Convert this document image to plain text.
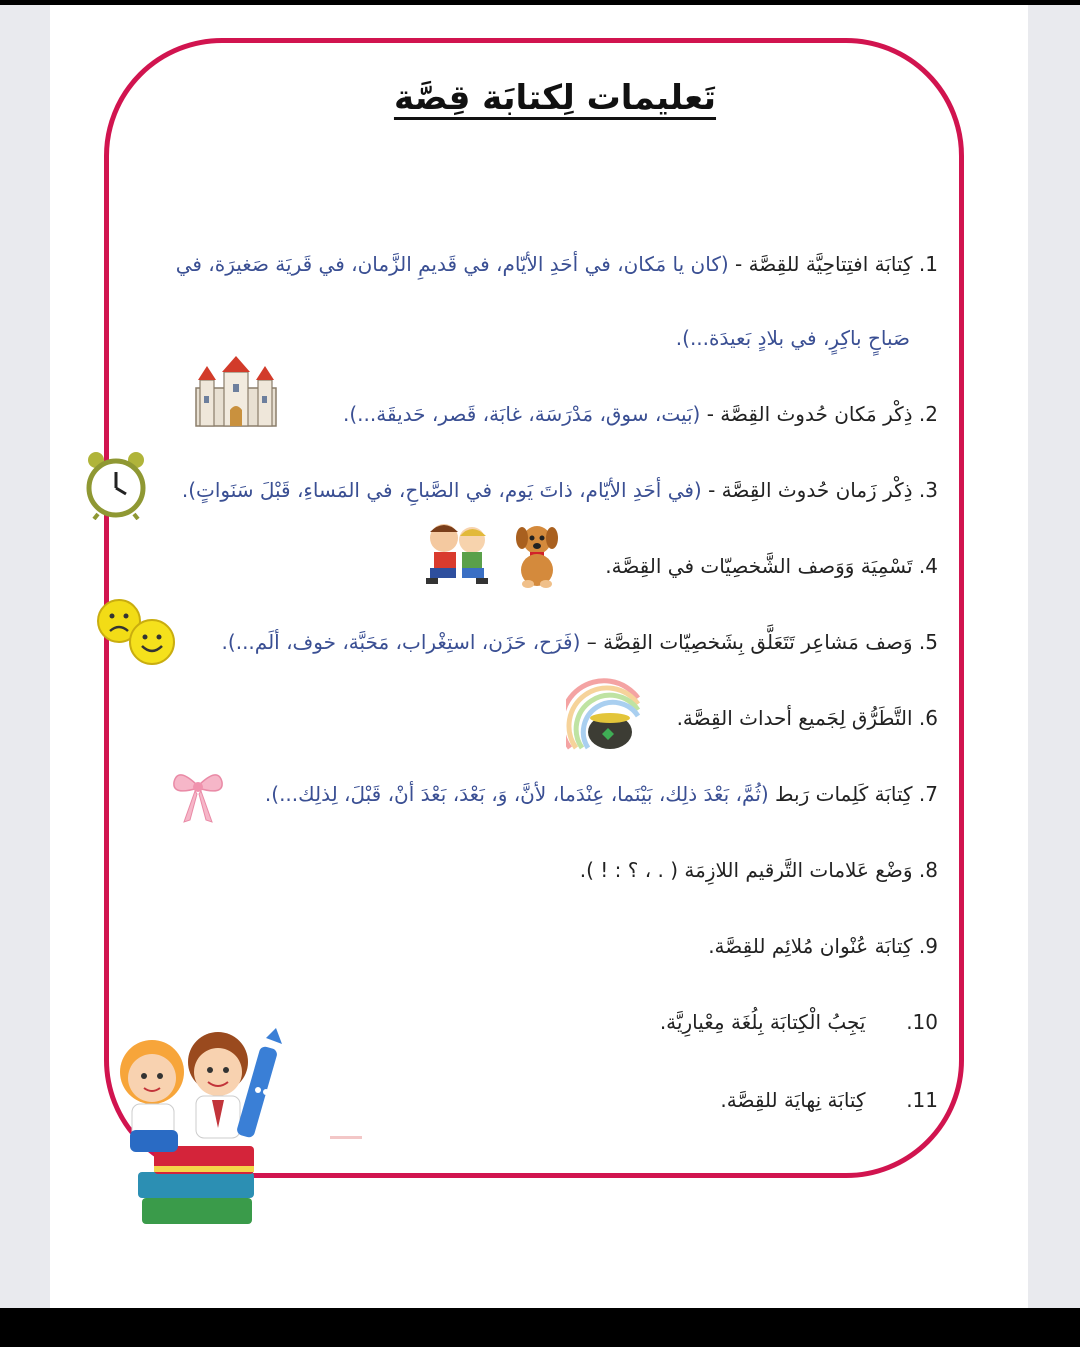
تَعليمات لِكتابَة قِصَّة
1. كِتابَة افتِتاحِيَّة للقِصَّة - (كان يا مَكان، في أحَدِ الأيّام، في قَديمِ الزَّمان، في قَريَة صَغيرَة، في
صَباحٍ باكِرٍ، في بلادٍ بَعيدَة...).
2. ذِكْر مَكان حُدوث القِصَّة - (بَيت، سوق، مَدْرَسَة، غابَة، قَصر، حَديقَة...).
3. ذِكْر زَمان حُدوث القِصَّة - (في أحَدِ الأيّام، ذاتَ يَوم، في الصَّباحِ، في المَساءِ، قَبْلَ سَنَواتٍ).
4. تَسْمِيَة وَوَصف الشَّخصِيّات في القِصَّة.
5. وَصف مَشاعِر تَتَعَلَّق بِشَخصِيّات القِصَّة – (فَرَح، حَزَن، استِغْراب، مَحَبَّة، خوف، ألَم...).
6. التَّطَرُّق لِجَميع أحداث القِصَّة.
7. كِتابَة كَلِمات رَبط (ثُمَّ، بَعْدَ ذلِك، بَيْنَما، عِنْدَما، لأنَّ، وَ، بَعْدَ، بَعْدَ أنْ، قَبْلَ، لِذلِك...).
8. وَضْع عَلامات التَّرقيم اللازِمَة ( . ، ؟ : ! ).
9. كِتابَة عُنْوان مُلائِم للقِصَّة.
10.  يَجِبُ الْكِتابَة بِلُغَة مِعْيارِيَّة.
11.  كِتابَة نِهايَة للقِصَّة.
